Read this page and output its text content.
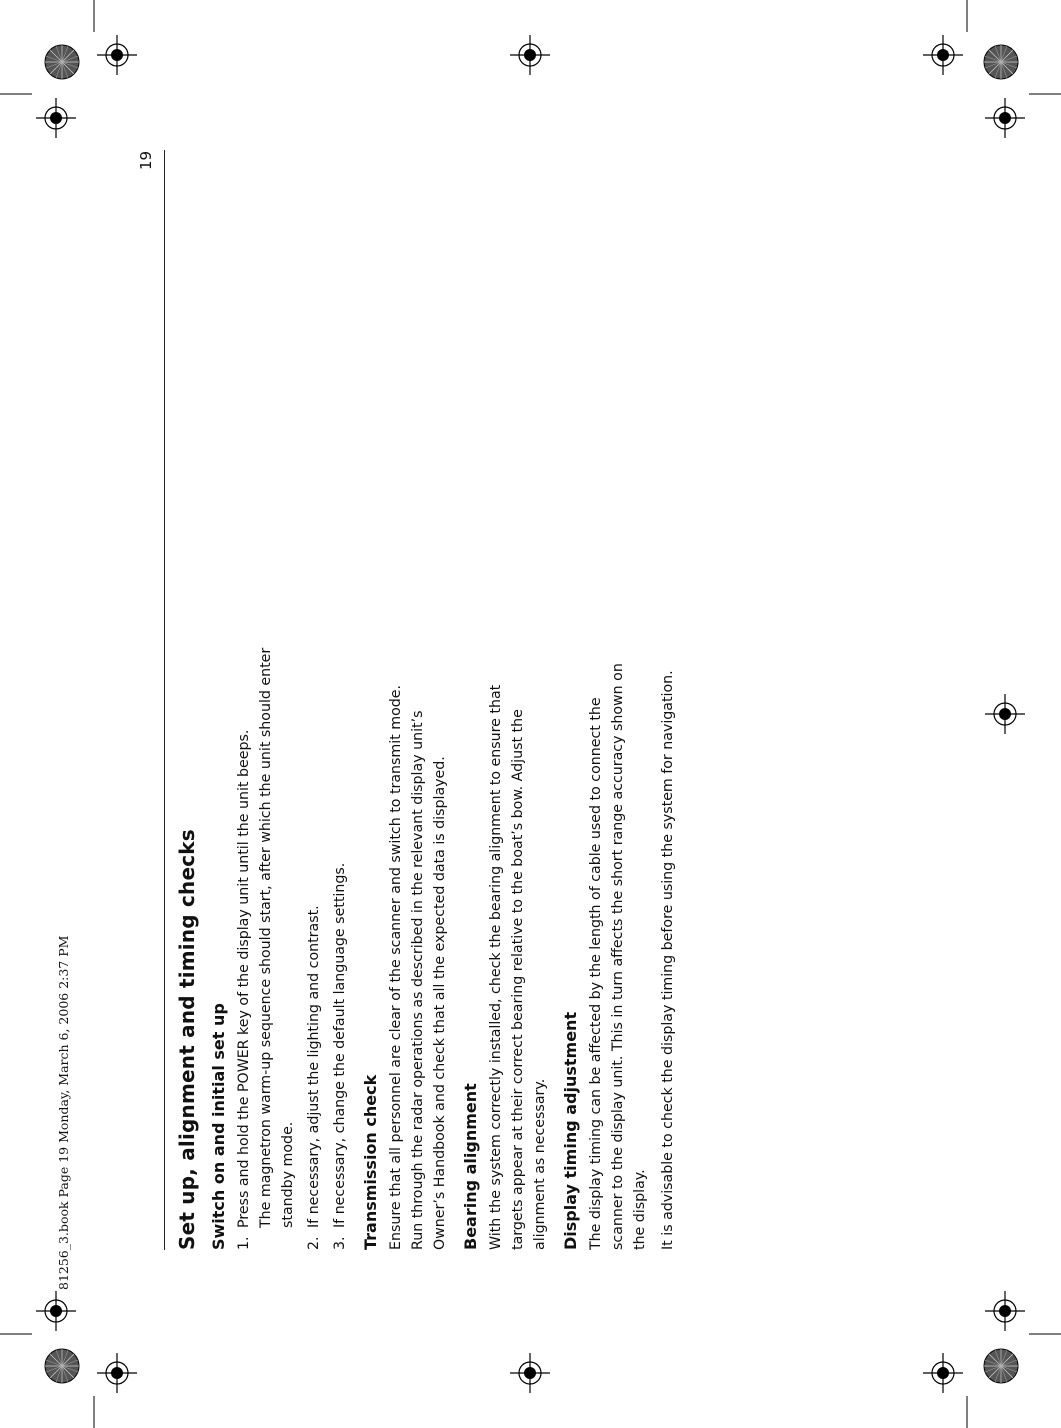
19
81256_3.book Page 19 Monday, March 6, 2006 2:37 PM	Set up, alignment and timing checks Switch on and initial set up 1.
Press and hold the POWER key of the display unit until the unit beeps. The magnetron warm-up sequence should start, after which the unit should enter standby mode.
2.
If necessary, adjust the lighting and contrast.
3.
If necessary, change the default language settings. Transmission check Ensure that all personnel are clear of the scanner and switch to transmit mode. Run through the radar operations as described in the relevant display unit’s Owner’s Handbook and check that all the expected data is displayed. Bearing alignment With the system correctly installed, check the bearing alignment to ensure that targets appear at their correct bearing relative to the boat’s bow. Adjust the alignment as necessary. Display timing adjustment The display timing can be affected by the length of cable used to connect the scanner to the display unit. This in turn affects the short range accuracy shown on the display. It is advisable to check the display timing before using the system for navigation.
